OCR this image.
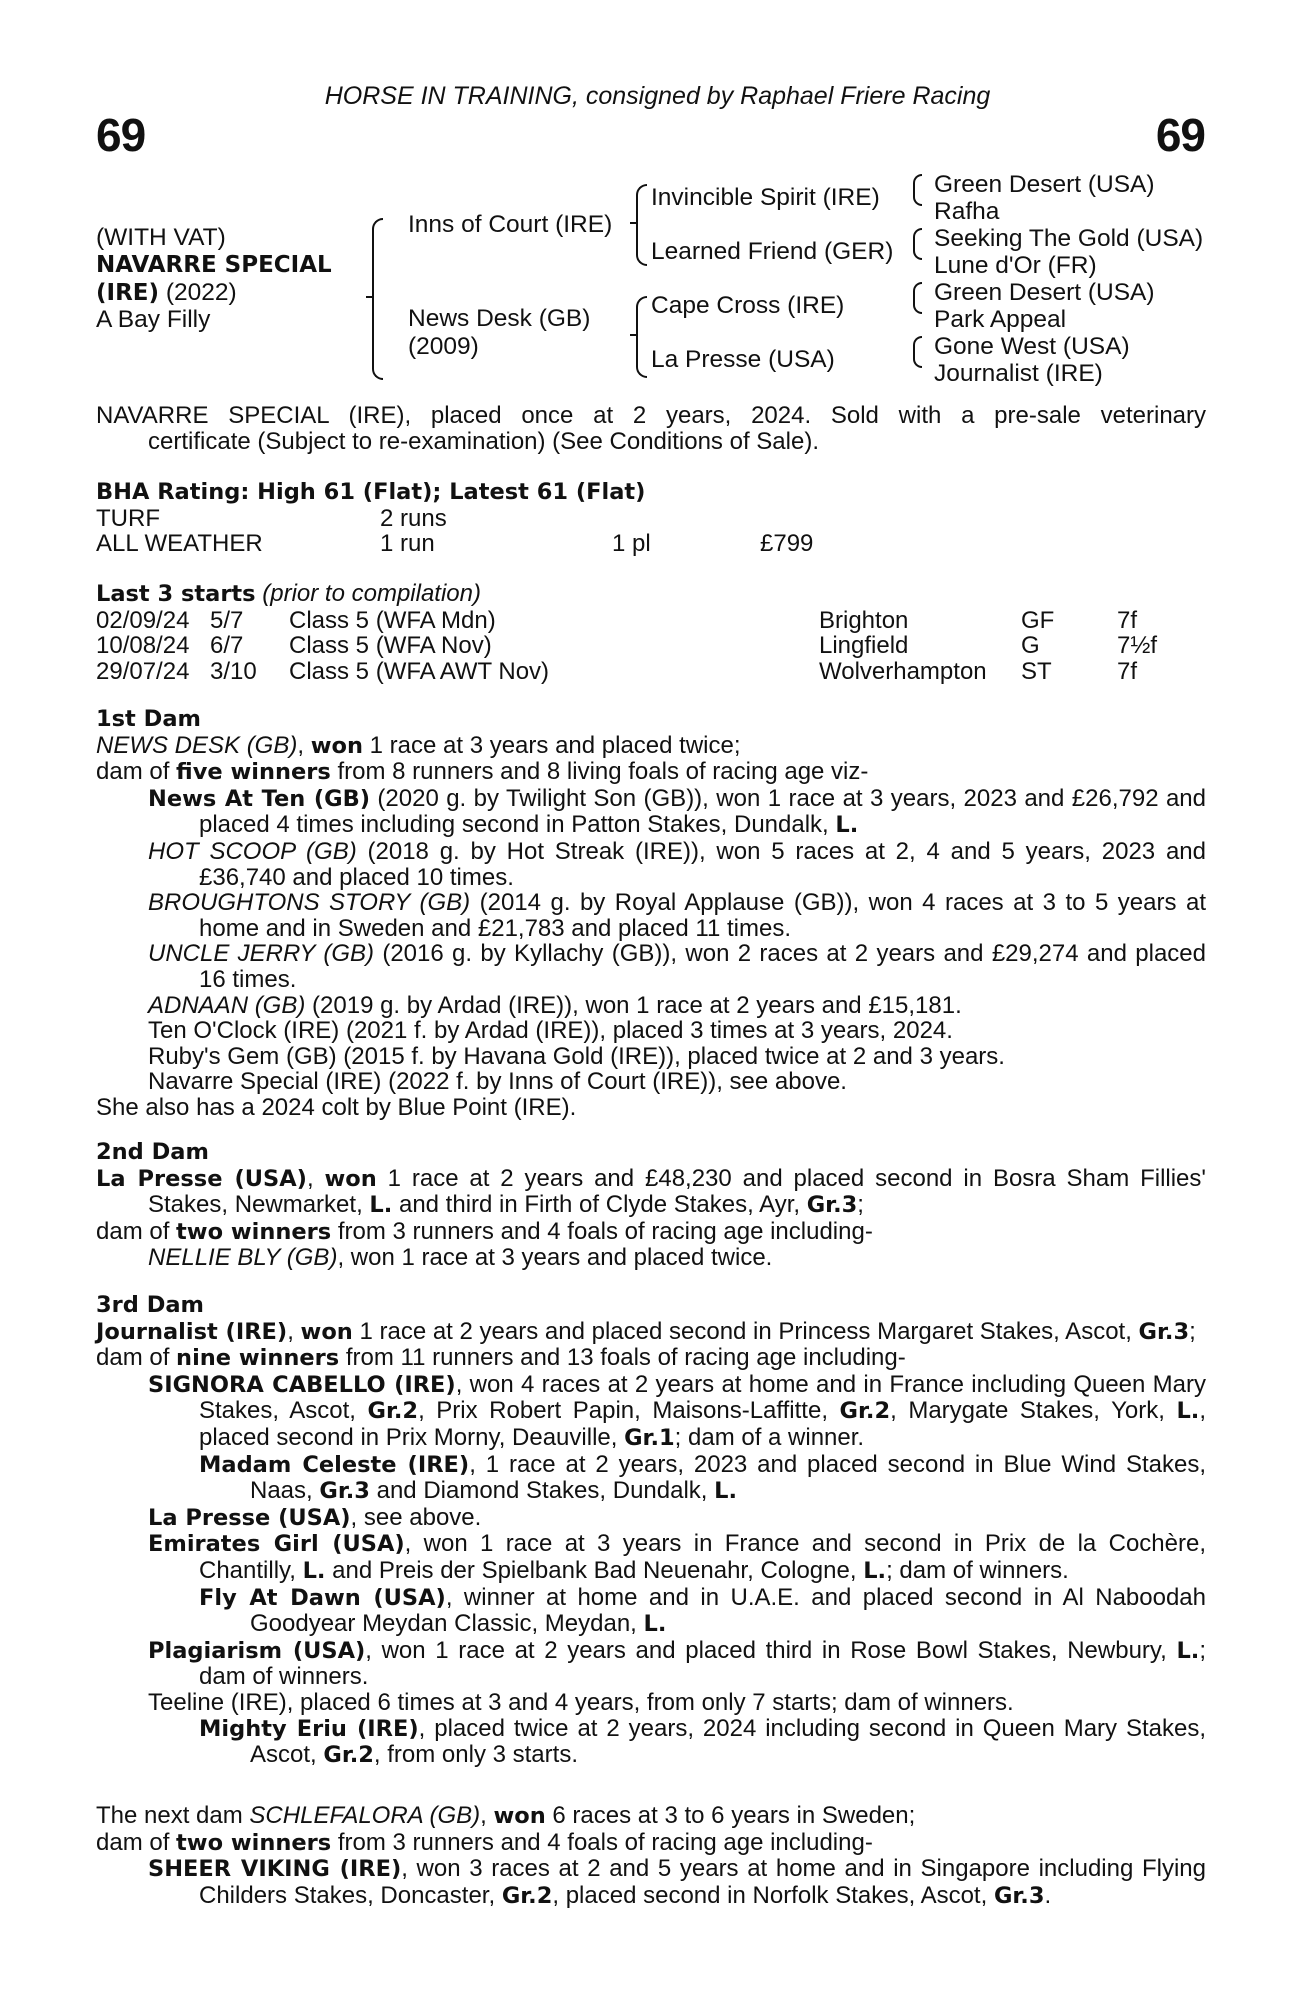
HORSE IN TRAINING, consigned by Raphael Friere Racing
69	69
(WITH VAT)
NAVARRE SPECIAL
(IRE) (2022)
A Bay Filly
Inns of Court (IRE)
News Desk (GB)
(2009)
Invincible Spirit (IRE)
Learned Friend (GER)
Cape Cross (IRE)
La Presse (USA)
Green Desert (USA)
Rafha
Seeking The Gold (USA)
Lune d'Or (FR)
Green Desert (USA)
Park Appeal
Gone West (USA)
Journalist (IRE)

NAVARRE SPECIAL (IRE), placed once at 2 years, 2024. Sold with a pre-sale veterinary

certificate (Subject to re-examination) (See Conditions of Sale).

BHA Rating: High 61 (Flat); Latest 61 (Flat)

TURF	2 runs
ALL WEATHER	1 run	1 pl	£799

Last 3 starts (prior to compilation)

02/09/24 5/7 Class 5 (WFA Mdn)	Brighton	GF	7f
10/08/24 6/7 Class 5 (WFA Nov)	Lingfield	G	7½f
29/07/24 3/10 Class 5 (WFA AWT Nov)	Wolverhampton ST	7f

1st Dam

NEWS DESK (GB), won 1 race at 3 years and placed twice;

dam of five winners from 8 runners and 8 living foals of racing age viz-

News At Ten (GB) (2020 g. by Twilight Son (GB)), won 1 race at 3 years, 2023 and £26,792 and placed 4 times including second in Patton Stakes, Dundalk, L.

HOT SCOOP (GB) (2018 g. by Hot Streak (IRE)), won 5 races at 2, 4 and 5 years, 2023 and £36,740 and placed 10 times.

BROUGHTONS STORY (GB) (2014 g. by Royal Applause (GB)), won 4 races at 3 to 5 years at home and in Sweden and £21,783 and placed 11 times.

UNCLE JERRY (GB) (2016 g. by Kyllachy (GB)), won 2 races at 2 years and £29,274 and placed 16 times.

ADNAAN (GB) (2019 g. by Ardad (IRE)), won 1 race at 2 years and £15,181.

Ten O'Clock (IRE) (2021 f. by Ardad (IRE)), placed 3 times at 3 years, 2024.

Ruby's Gem (GB) (2015 f. by Havana Gold (IRE)), placed twice at 2 and 3 years.

Navarre Special (IRE) (2022 f. by Inns of Court (IRE)), see above.

She also has a 2024 colt by Blue Point (IRE).

2nd Dam

La Presse (USA), won 1 race at 2 years and £48,230 and placed second in Bosra Sham Fillies' Stakes, Newmarket, L. and third in Firth of Clyde Stakes, Ayr, Gr.3;

dam of two winners from 3 runners and 4 foals of racing age including-

NELLIE BLY (GB), won 1 race at 3 years and placed twice.

3rd Dam

Journalist (IRE), won 1 race at 2 years and placed second in Princess Margaret Stakes, Ascot, Gr.3;

dam of nine winners from 11 runners and 13 foals of racing age including-

SIGNORA CABELLO (IRE), won 4 races at 2 years at home and in France including Queen Mary Stakes, Ascot, Gr.2, Prix Robert Papin, Maisons-Laffitte, Gr.2, Marygate Stakes, York, L., placed second in Prix Morny, Deauville, Gr.1; dam of a winner.

Madam Celeste (IRE), 1 race at 2 years, 2023 and placed second in Blue Wind Stakes, Naas, Gr.3 and Diamond Stakes, Dundalk, L.

La Presse (USA), see above.

Emirates Girl (USA), won 1 race at 3 years in France and second in Prix de la Cochère, Chantilly, L. and Preis der Spielbank Bad Neuenahr, Cologne, L.; dam of winners.

Fly At Dawn (USA), winner at home and in U.A.E. and placed second in Al Naboodah Goodyear Meydan Classic, Meydan, L.

Plagiarism (USA), won 1 race at 2 years and placed third in Rose Bowl Stakes, Newbury, L.; dam of winners.

Teeline (IRE), placed 6 times at 3 and 4 years, from only 7 starts; dam of winners.

Mighty Eriu (IRE), placed twice at 2 years, 2024 including second in Queen Mary Stakes, Ascot, Gr.2, from only 3 starts.

The next dam SCHLEFALORA (GB), won 6 races at 3 to 6 years in Sweden;

dam of two winners from 3 runners and 4 foals of racing age including-

SHEER VIKING (IRE), won 3 races at 2 and 5 years at home and in Singapore including Flying Childers Stakes, Doncaster, Gr.2, placed second in Norfolk Stakes, Ascot, Gr.3.
